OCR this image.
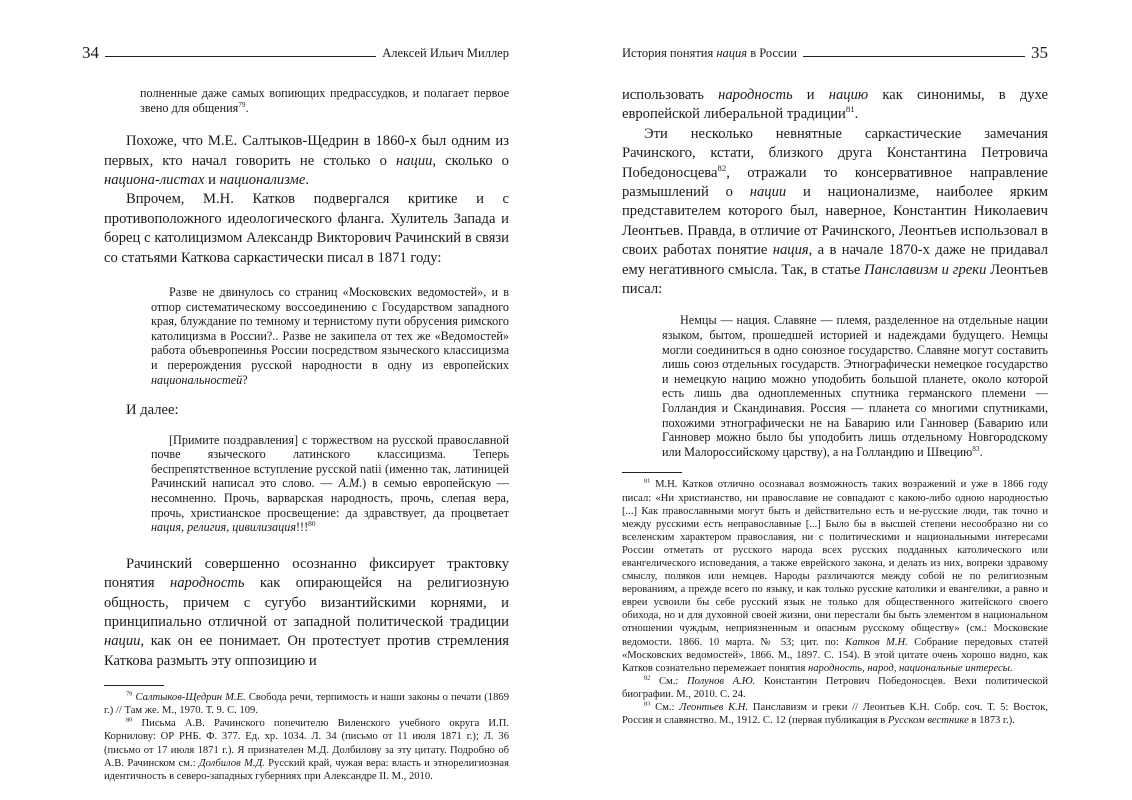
34	Алексей Ильич Миллер

полненные даже самых вопиющих предрассудков, и полагает первое звено для общения$^{79}$.

Похоже, что М.Е. Салтыков-Щедрин в 1860-х был одним из первых, кто начал говорить не столько о нации, сколько о национа-листах и национализме.

Впрочем, М.Н. Катков подвергался критике и с противоположного идеологического фланга. Хулитель Запада и борец с католицизмом Александр Викторович Рачинский в связи со статьями Каткова саркастически писал в 1871 году:

Разве не двинулось со страниц «Московских ведомостей», и в отпор систематическому воссоединению с Государством западного края, блуждание по темному и тернистому пути обрусения римского католицизма в России?.. Разве не закипела от тех же «Ведомостей» работа объевропеинья России посредством языческого классицизма и перерождения русской народности в одну из европейских национальностей?

И далее:

[Примите поздравления] с торжеством на русской православной почве языческого латинского классицизма. Теперь беспрепятственное вступление русской natii (именно так, латиницей Рачинский написал это слово. — А.М.) в семью европейскую — несомненно. Прочь, варварская народность, прочь, слепая вера, прочь, христианское просвещение: да здравствует, да процветает нация, религия, цивилизация!!!$^{80}$

Рачинский совершенно осознанно фиксирует трактовку понятия народность как опирающейся на религиозную общность, причем с сугубо византийскими корнями, и принципиально отличной от западной политической традиции нации, как он ее понимает. Он протестует против стремления Каткова размыть эту оппозицию и

$^{79}$ Салтыков-Щедрин М.Е. Свобода речи, терпимость и наши законы о печати (1869 г.) // Там же. М., 1970. Т. 9. С. 109.

$^{80}$ Письма А.В. Рачинского попечителю Виленского учебного округа И.П. Корнилову: ОР РНБ. Ф. 377. Ед. хр. 1034. Л. 34 (письмо от 11 июля 1871 г.); Л. 36 (письмо от 17 июля 1871 г.). Я признателен М.Д. Долбилову за эту цитату. Подробно об А.В. Рачинском см.: Долбилов М.Д. Русский край, чужая вера: власть и этнорелигиозная идентичность в северо-западных губерниях при Александре II. М., 2010.

История понятия нация в России	35

использовать народность и нацию как синонимы, в духе европейской либеральной традиции$^{81}$.

Эти несколько невнятные саркастические замечания Рачинского, кстати, близкого друга Константина Петровича Победоносцева$^{82}$, отражали то консервативное направление размышлений о нации и национализме, наиболее ярким представителем которого был, наверное, Константин Николаевич Леонтьев. Правда, в отличие от Рачинского, Леонтьев использовал в своих работах понятие нация, а в начале 1870-х даже не придавал ему негативного смысла. Так, в статье Панславизм и греки Леонтьев писал:

Немцы — нация. Славяне — племя, разделенное на отдельные нации языком, бытом, прошедшей историей и надеждами будущего. Немцы могли соединиться в одно союзное государство. Славяне могут составить лишь союз отдельных государств. Этнографически немецкое государство и немецкую нацию можно уподобить большой планете, около которой есть лишь два одноплеменных спутника германского племени — Голландия и Скандинавия. Россия — планета со многими спутниками, похожими этнографически не на Баварию или Ганновер (Баварию или Ганновер можно было бы уподобить лишь отдельному Новгородскому или Малороссийскому царству), а на Голландию и Швецию$^{83}$.

$^{81}$ М.Н. Катков отлично осознавал возможность таких возражений и уже в 1866 году писал: «Ни христианство, ни православие не совпадают с какою-либо одною народностью [...] Как православными могут быть и действительно есть и не-русские люди, так точно и между русскими есть неправославные [...] Было бы в высшей степени несообразно ни со вселенским характером православия, ни с политическими и национальными интересами России отметать от русского народа всех русских подданных католического или евангелического исповедания, а также еврейского закона, и делать из них, вопреки здравому смыслу, поляков или немцев. Народы различаются между собой не по религиозным верованиям, а прежде всего по языку, и как только русские католики и евангелики, а равно и евреи усвоили бы себе русский язык не только для общественного житейского своего обихода, но и для духовной своей жизни, они перестали бы быть элементом в национальном отношении чуждым, неприязненным и опасным русскому обществу» (см.: Московские ведомости. 1866. 10 марта. № 53; цит. по: Катков М.Н. Собрание передовых статей «Московских ведомостей», 1866. М., 1897. С. 154). В этой цитате очень хорошо видно, как Катков сознательно перемежает понятия народность, народ, национальные интересы.

$^{82}$ См.: Полунов А.Ю. Константин Петрович Победоносцев. Вехи политической биографии. М., 2010. С. 24.

$^{83}$ См.: Леонтьев К.Н. Панславизм и греки // Леонтьев К.Н. Собр. соч. Т. 5: Восток, Россия и славянство. М., 1912. С. 12 (первая публикация в Русском вестнике в 1873 г.).
